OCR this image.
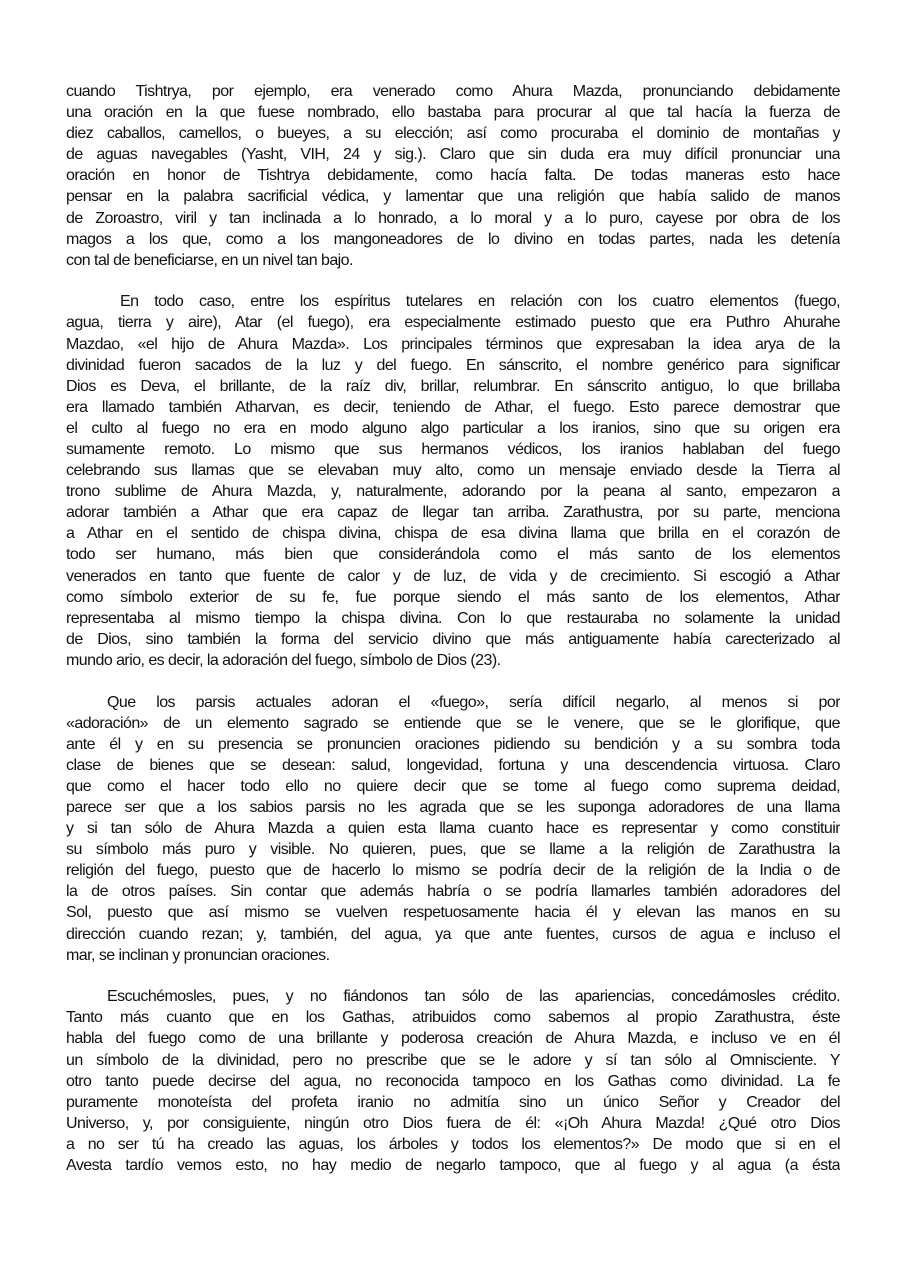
cuando Tishtrya, por ejemplo, era venerado como Ahura Mazda, pronunciando debidamente
una oración en la que fuese nombrado, ello bastaba para procurar al que tal hacía la fuerza de
diez caballos, camellos, o bueyes, a su elección; así como procuraba el dominio de montañas y
de aguas navegables (Yasht, VIH, 24 y sig.). Claro que sin duda era muy difícil pronunciar una
oración en honor de Tishtrya debidamente, como hacía falta. De todas maneras esto hace
pensar en la palabra sacrificial védica, y lamentar que una religión que había salido de manos
de Zoroastro, viril y tan inclinada a lo honrado, a lo moral y a lo puro, cayese por obra de los
magos a los que, como a los mangoneadores de lo divino en todas partes, nada les detenía
con tal de beneficiarse, en un nivel tan bajo.
En todo caso, entre los espíritus tutelares en relación con los cuatro elementos (fuego,
agua, tierra y aire), Atar (el fuego), era especialmente estimado puesto que era Puthro Ahurahe
Mazdao, «el hijo de Ahura Mazda». Los principales términos que expresaban la idea arya de la
divinidad fueron sacados de la luz y del fuego. En sánscrito, el nombre genérico para significar
Dios es Deva, el brillante, de la raíz div, brillar, relumbrar. En sánscrito antiguo, lo que brillaba
era llamado también Atharvan, es decir, teniendo de Athar, el fuego. Esto parece demostrar que
el culto al fuego no era en modo alguno algo particular a los iranios, sino que su origen era
sumamente remoto. Lo mismo que sus hermanos védicos, los iranios hablaban del fuego
celebrando sus llamas que se elevaban muy alto, como un mensaje enviado desde la Tierra al
trono sublime de Ahura Mazda, y, naturalmente, adorando por la peana al santo, empezaron a
adorar también a Athar que era capaz de llegar tan arriba. Zarathustra, por su parte, menciona
a Athar en el sentido de chispa divina, chispa de esa divina llama que brilla en el corazón de
todo ser humano, más bien que considerándola como el más santo de los elementos
venerados en tanto que fuente de calor y de luz, de vida y de crecimiento. Si escogió a Athar
como símbolo exterior de su fe, fue porque siendo el más santo de los elementos, Athar
representaba al mismo tiempo la chispa divina. Con lo que restauraba no solamente la unidad
de Dios, sino también la forma del servicio divino que más antiguamente había carecterizado al
mundo ario, es decir, la adoración del fuego, símbolo de Dios (23).
Que los parsis actuales adoran el «fuego», sería difícil negarlo, al menos si por
«adoración» de un elemento sagrado se entiende que se le venere, que se le glorifique, que
ante él y en su presencia se pronuncien oraciones pidiendo su bendición y a su sombra toda
clase de bienes que se desean: salud, longevidad, fortuna y una descendencia virtuosa. Claro
que como el hacer todo ello no quiere decir que se tome al fuego como suprema deidad,
parece ser que a los sabios parsis no les agrada que se les suponga adoradores de una llama
y si tan sólo de Ahura Mazda a quien esta llama cuanto hace es representar y como constituir
su símbolo más puro y visible. No quieren, pues, que se llame a la religión de Zarathustra la
religión del fuego, puesto que de hacerlo lo mismo se podría decir de la religión de la India o de
la de otros países. Sin contar que además habría o se podría llamarles también adoradores del
Sol, puesto que así mismo se vuelven respetuosamente hacia él y elevan las manos en su
dirección cuando rezan; y, también, del agua, ya que ante fuentes, cursos de agua e incluso el
mar, se inclinan y pronuncian oraciones.
Escuchémosles, pues, y no fiándonos tan sólo de las apariencias, concedámosles crédito.
Tanto más cuanto que en los Gathas, atribuidos como sabemos al propio Zarathustra, éste
habla del fuego como de una brillante y poderosa creación de Ahura Mazda, e incluso ve en él
un símbolo de la divinidad, pero no prescribe que se le adore y sí tan sólo al Omnisciente. Y
otro tanto puede decirse del agua, no reconocida tampoco en los Gathas como divinidad. La fe
puramente monoteísta del profeta iranio no admitía sino un único Señor y Creador del
Universo, y, por consiguiente, ningún otro Dios fuera de él: «¡Oh Ahura Mazda! ¿Qué otro Dios
a no ser tú ha creado las aguas, los árboles y todos los elementos?» De modo que si en el
Avesta tardío vemos esto, no hay medio de negarlo tampoco, que al fuego y al agua (a ésta
